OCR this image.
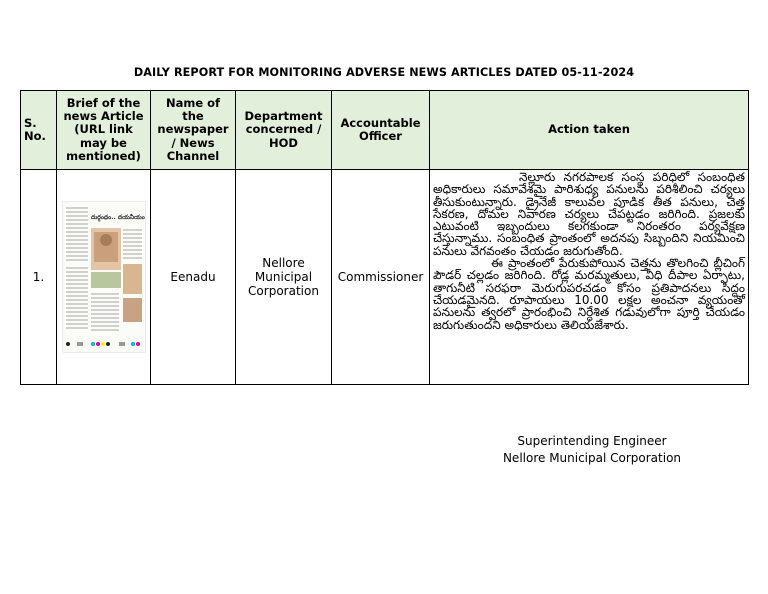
DAILY REPORT FOR MONITORING ADVERSE NEWS ARTICLES DATED 05-11-2024
S. No.	Brief of the news Article (URL link may be mentioned)	Name of the newspaper / News Channel	Department concerned / HOD	Accountable Officer	Action taken
1.	దుర్గంధం.. దయనీయం	Eenadu	Nellore Municipal Corporation	Commissioner	నెల్లూరు నగరపాలక సంస్థ పరిధిలో సంబంధిత అధికారులు సమావేశమై పారిశుధ్య పనులను పరిశీలించి చర్యలు తీసుకుంటున్నారు. డ్రైనేజీ కాలువల పూడిక తీత పనులు, చెత్త సేకరణ, దోమల నివారణ చర్యలు చేపట్టడం జరిగింది. ప్రజలకు ఎటువంటి ఇబ్బందులు కలగకుండా నిరంతరం పర్యవేక్షణ చేస్తున్నాము. సంబంధిత ప్రాంతంలో అదనపు సిబ్బందిని నియమించి పనులు వేగవంతం చేయడం జరుగుతోంది.

ఈ ప్రాంతంలో పేరుకుపోయిన చెత్తను తొలగించి బ్లీచింగ్ పౌడర్ చల్లడం జరిగింది. రోడ్ల మరమ్మతులు, వీధి దీపాల ఏర్పాటు, తాగునీటి సరఫరా మెరుగుపరచడం కోసం ప్రతిపాదనలు సిద్ధం చేయడమైనది. రూపాయలు 10.00 లక్షల అంచనా వ్యయంతో పనులను త్వరలో ప్రారంభించి నిర్దేశిత గడువులోగా పూర్తి చేయడం జరుగుతుందని అధికారులు తెలియజేశారు.

Superintending Engineer
Nellore Municipal Corporation
